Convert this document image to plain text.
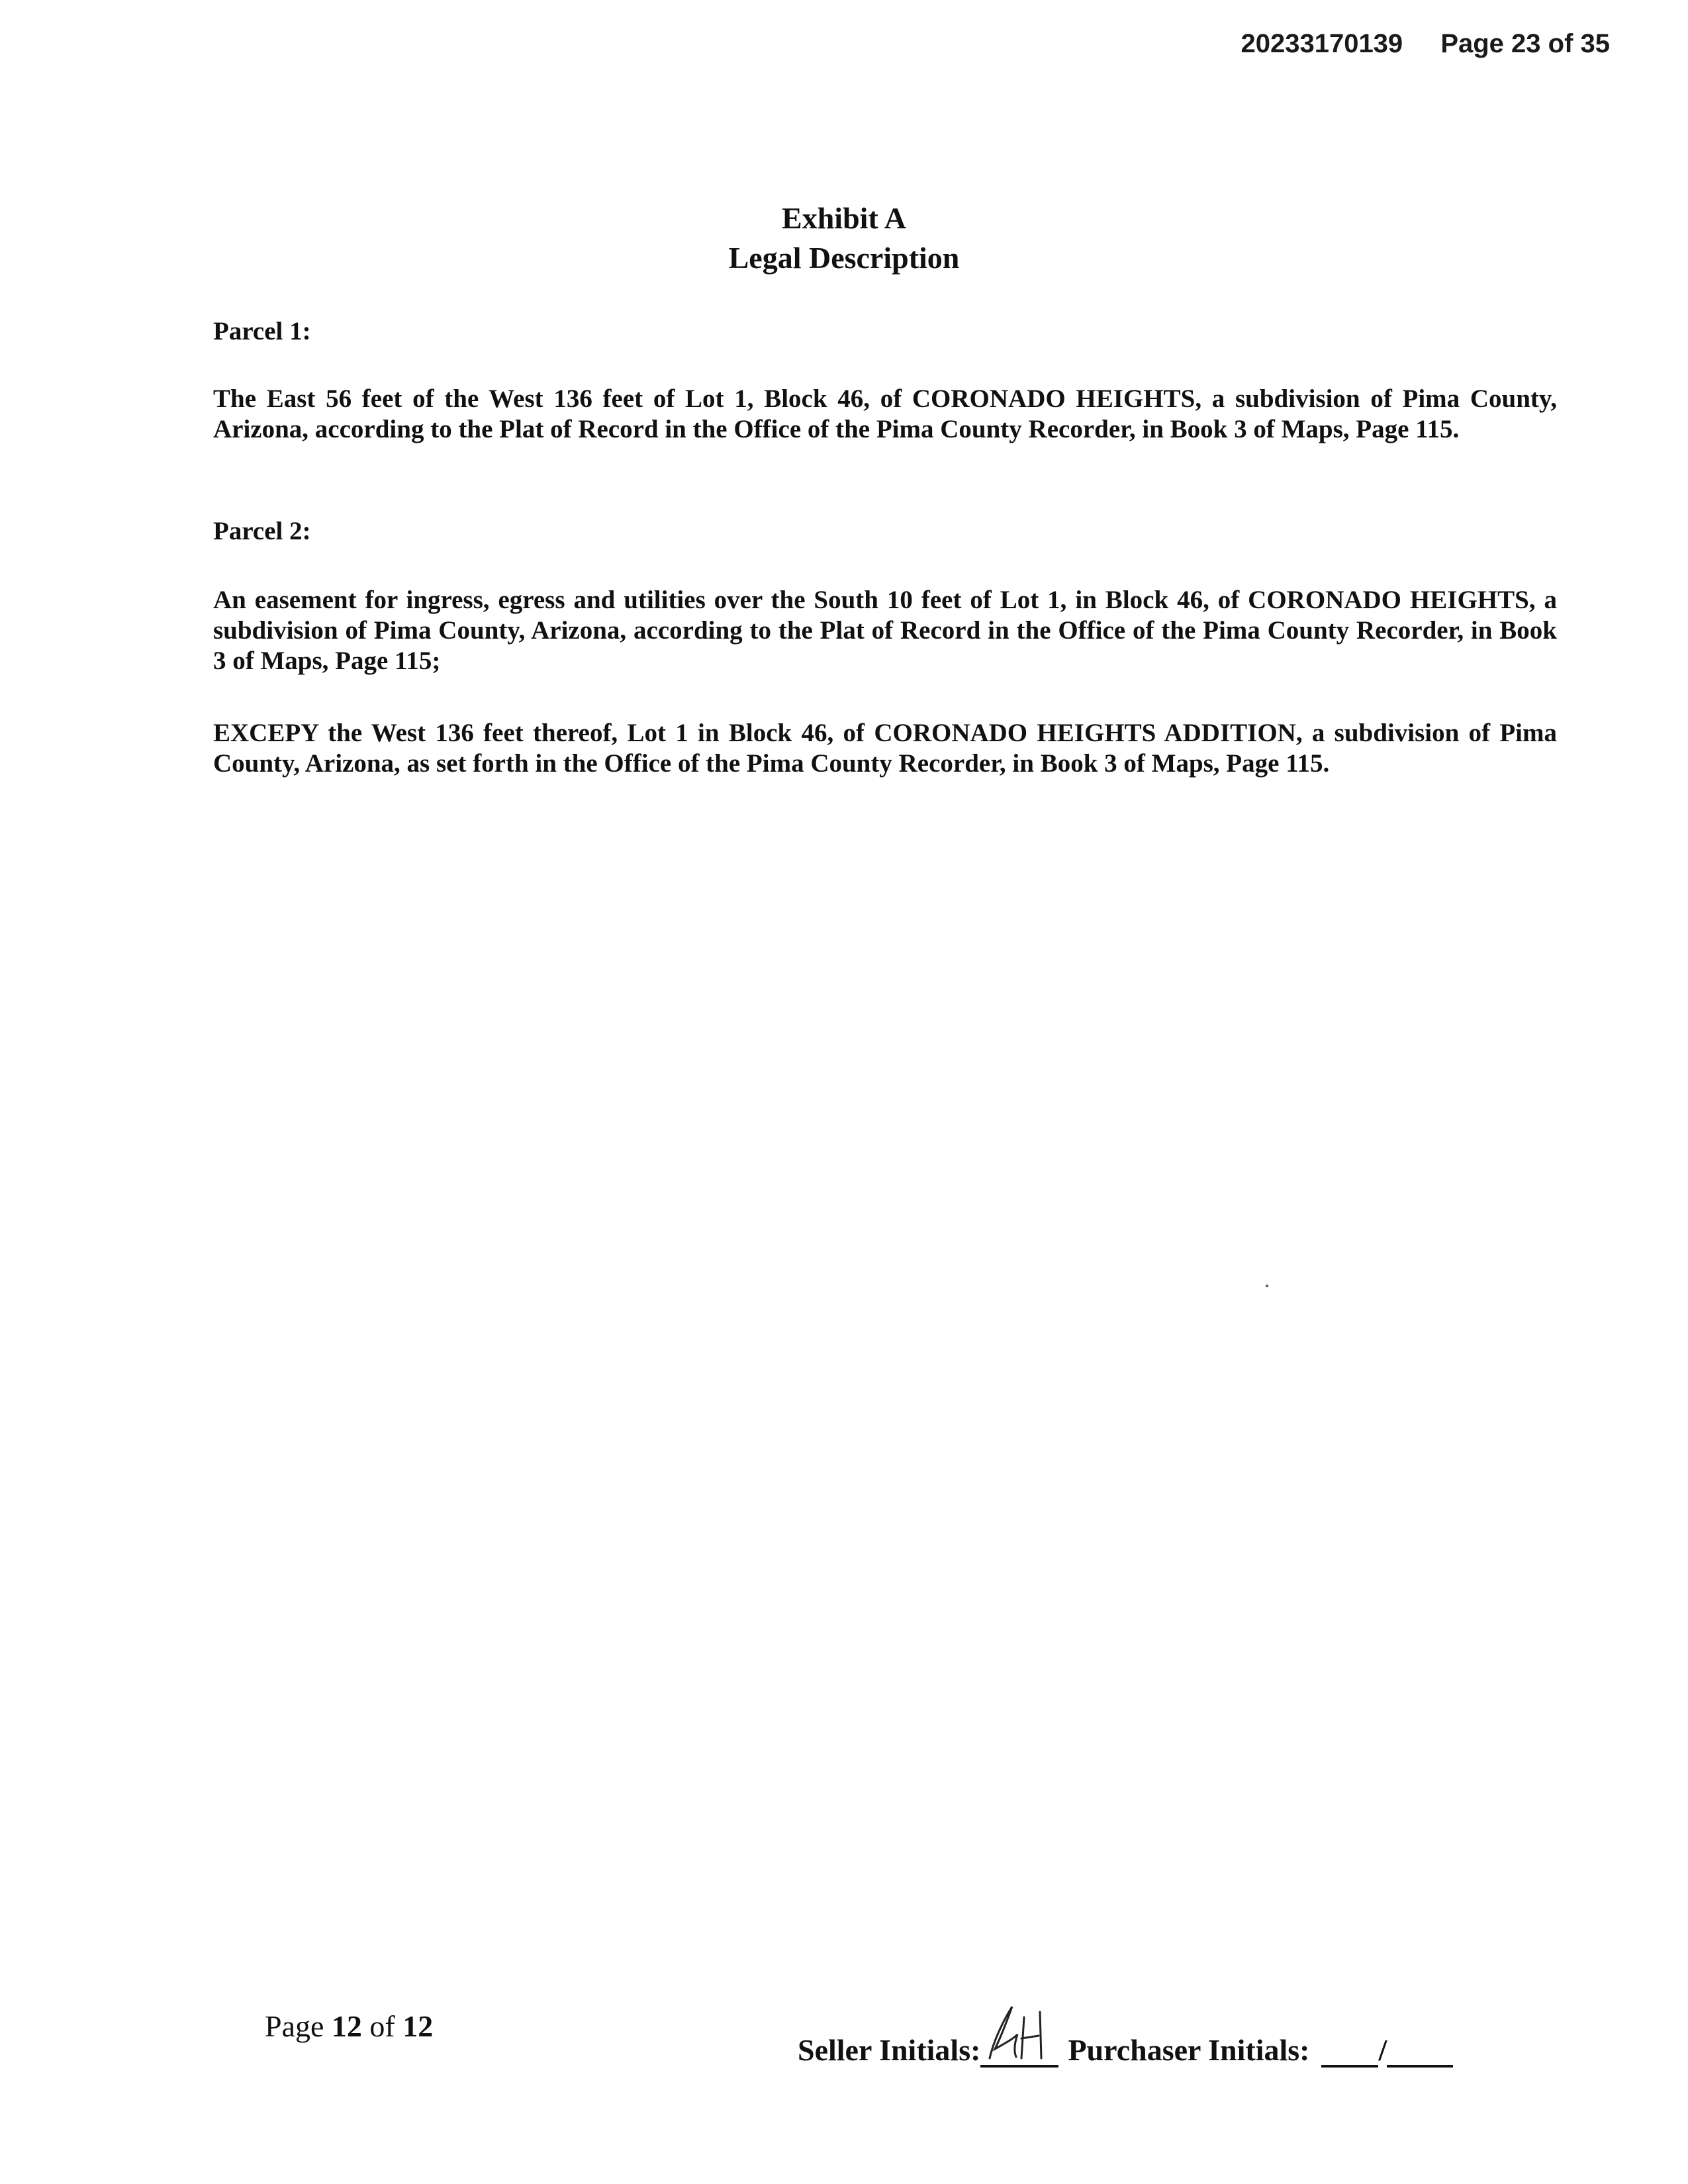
20233170139 Page 23 of 35
Exhibit A
Legal Description

Parcel 1:

The East 56 feet of the West 136 feet of Lot 1, Block 46, of CORONADO HEIGHTS, a subdivision of Pima County, Arizona, according to the Plat of Record in the Office of the Pima County Recorder, in Book 3 of Maps, Page 115.

Parcel 2:

An easement for ingress, egress and utilities over the South 10 feet of Lot 1, in Block 46, of CORONADO HEIGHTS, a subdivision of Pima County, Arizona, according to the Plat of Record in the Office of the Pima County Recorder, in Book 3 of Maps, Page 115;

EXCEPY the West 136 feet thereof, Lot 1 in Block 46, of CORONADO HEIGHTS ADDITION, a subdivision of Pima County, Arizona, as set forth in the Office of the Pima County Recorder, in Book 3 of Maps, Page 115.

Page 12 of 12
Seller Initials:	Purchaser Initials: /
